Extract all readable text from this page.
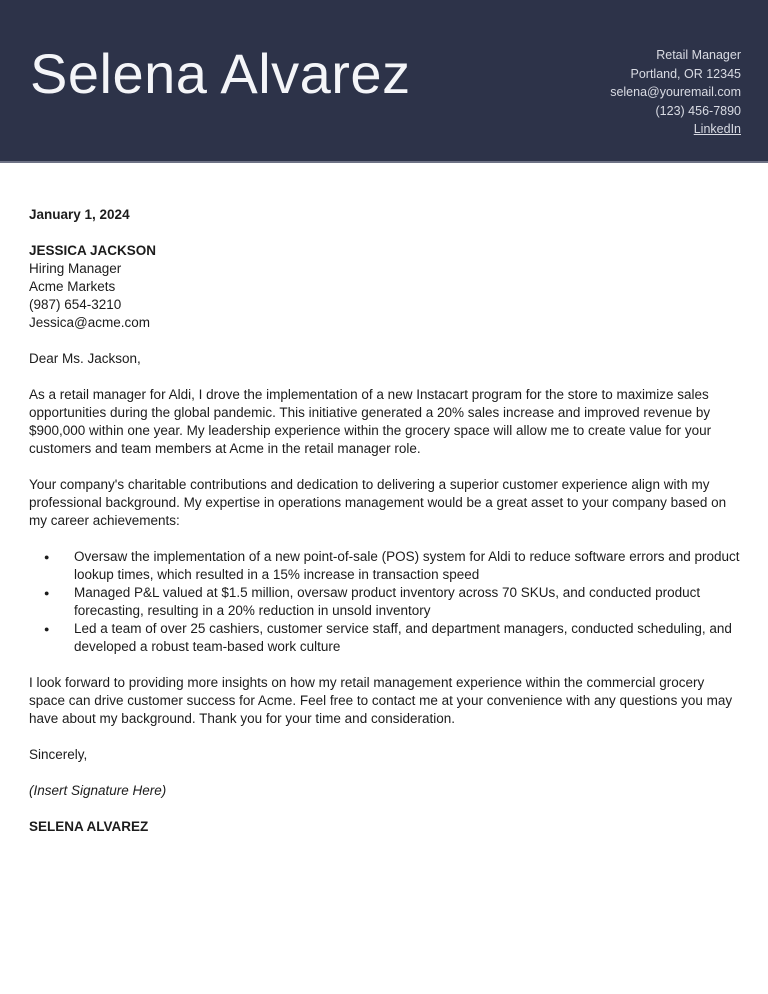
Selena Alvarez	Retail Manager
Portland, OR 12345
selena@youremail.com
(123) 456-7890
LinkedIn

January 1, 2024

JESSICA JACKSON
Hiring Manager
Acme Markets
(987) 654-3210
Jessica@acme.com

Dear Ms. Jackson,

As a retail manager for Aldi, I drove the implementation of a new Instacart program for the store to maximize sales opportunities during the global pandemic. This initiative generated a 20% sales increase and improved revenue by $900,000 within one year. My leadership experience within the grocery space will allow me to create value for your customers and team members at Acme in the retail manager role.

Your company's charitable contributions and dedication to delivering a superior customer experience align with my professional background. My expertise in operations management would be a great asset to your company based on my career achievements:

● Oversaw the implementation of a new point-of-sale (POS) system for Aldi to reduce software errors and product lookup times, which resulted in a 15% increase in transaction speed
● Managed P&L valued at $1.5 million, oversaw product inventory across 70 SKUs, and conducted product forecasting, resulting in a 20% reduction in unsold inventory
● Led a team of over 25 cashiers, customer service staff, and department managers, conducted scheduling, and developed a robust team-based work culture

I look forward to providing more insights on how my retail management experience within the commercial grocery space can drive customer success for Acme. Feel free to contact me at your convenience with any questions you may have about my background. Thank you for your time and consideration.

Sincerely,

(Insert Signature Here)

SELENA ALVAREZ
